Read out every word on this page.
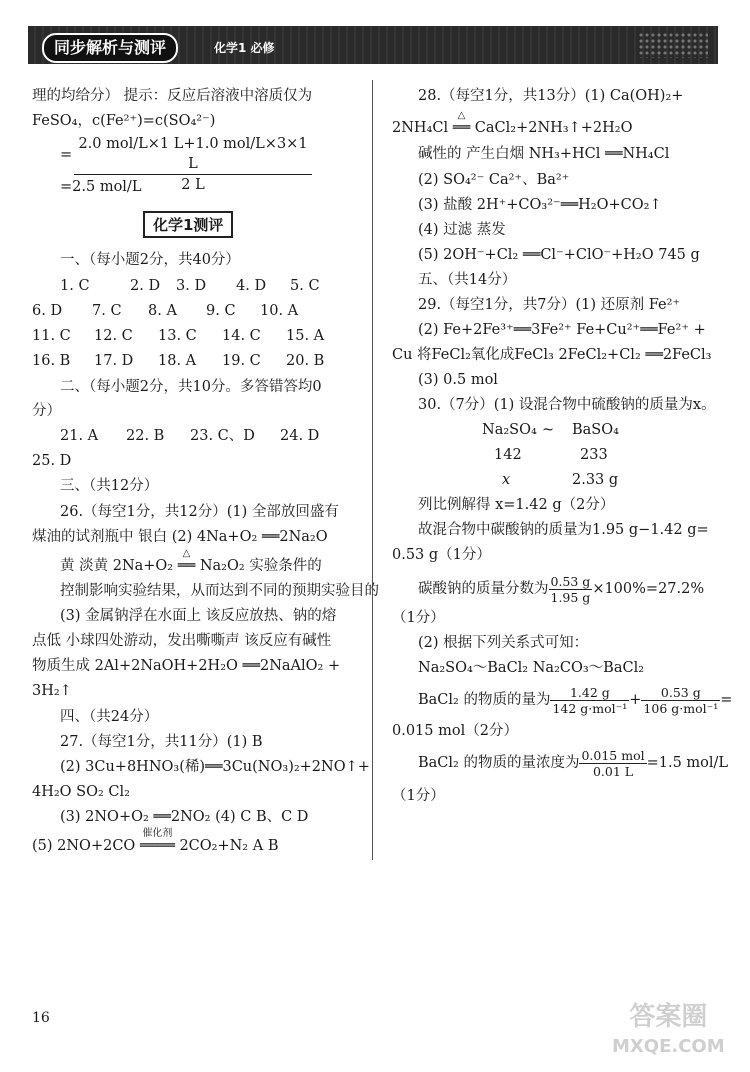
同步解析与测评	化学1 必修
理的均给分） 提示：反应后溶液中溶质仅为
FeSO₄，c(Fe²⁺)=c(SO₄²⁻)
=
2.0 mol/L×1 L+1.0 mol/L×3×1 L
2 L
=2.5 mol/L
化学1测评
一、（每小题2分，共40分）
1. C	2. D 3. D 4. D 5. C
6. D 7. C 8. A 9. C 10. A
11. C 12. C 13. C 14. C 15. A
16. B 17. D 18. A 19. C 20. B
二、（每小题2分，共10分。多答错答均0
分）
21. A 22. B 23. C、D 24. D
25. D
三、（共12分）
26.（每空1分，共12分）(1) 全部放回盛有
煤油的试剂瓶中 银白 (2) 4Na+O₂ ══2Na₂O
黄 淡黄 2Na+O₂
△
══ Na₂O₂ 实验条件的
控制影响实验结果，从而达到不同的预期实验目的
(3) 金属钠浮在水面上 该反应放热、钠的熔
点低 小球四处游动，发出嘶嘶声 该反应有碱性
物质生成 2Al+2NaOH+2H₂O ══2NaAlO₂ +
3H₂↑
四、（共24分）
27.（每空1分，共11分）(1) B
(2) 3Cu+8HNO₃(稀)══3Cu(NO₃)₂+2NO↑+
4H₂O SO₂ Cl₂
(3) 2NO+O₂ ══2NO₂ (4) C B、C D
(5) 2NO+2CO
催化剂
════ 2CO₂+N₂ A B
28.（每空1分，共13分）(1) Ca(OH)₂+
2NH₄Cl
△
══ CaCl₂+2NH₃↑+2H₂O
碱性的 产生白烟 NH₃+HCl ══NH₄Cl
(2) SO₄²⁻ Ca²⁺、Ba²⁺
(3) 盐酸 2H⁺+CO₃²⁻══H₂O+CO₂↑
(4) 过滤 蒸发
(5) 2OH⁻+Cl₂ ══Cl⁻+ClO⁻+H₂O 745 g
五、（共14分）
29.（每空1分，共7分）(1) 还原剂 Fe²⁺
(2) Fe+2Fe³⁺══3Fe²⁺ Fe+Cu²⁺══Fe²⁺ +
Cu 将FeCl₂氧化成FeCl₃ 2FeCl₂+Cl₂ ══2FeCl₃
(3) 0.5 mol
30.（7分）(1) 设混合物中硫酸钠的质量为x。
Na₂SO₄ ~ BaSO₄
142	233
x	2.33 g
列比例解得 x=1.42 g（2分）
故混合物中碳酸钠的质量为1.95 g−1.42 g=
0.53 g（1分）
碳酸钠的质量分数为 $\frac{0.53 g}{1.95 g} \times 100\%=27.2\%$
（1分）
(2) 根据下列关系式可知：
Na₂SO₄～BaCl₂ Na₂CO₃～BaCl₂
BaCl₂ 的物质的量为 $\frac{1.42 g}{\text{142 g·mol⁻¹}} + \frac{0.53 g}{\text{106 g·mol⁻¹}}$ =
0.015 mol（2分）
BaCl₂ 的物质的量浓度为 $\frac{\text{0.015 mol}}{0.01 L} =1.5$ mol/L
（1分）
16	答案圈
MXQE.COM
